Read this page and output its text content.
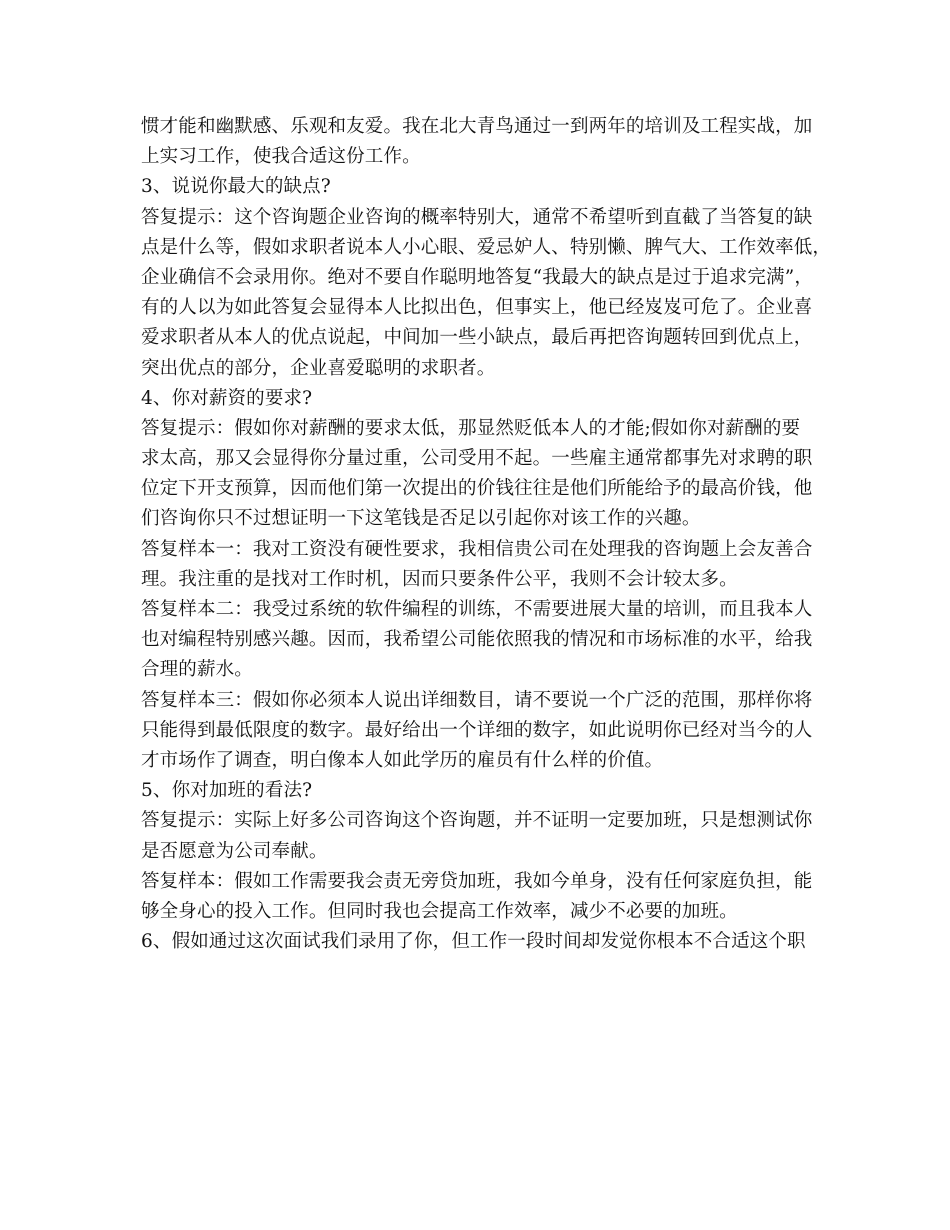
惯才能和幽默感、乐观和友爱。我在北大青鸟通过一到两年的培训及工程实战，加
上实习工作，使我合适这份工作。
3、说说你最大的缺点?
答复提示：这个咨询题企业咨询的概率特别大，通常不希望听到直截了当答复的缺
点是什么等，假如求职者说本人小心眼、爱忌妒人、特别懒、脾气大、工作效率低，
企业确信不会录用你。绝对不要自作聪明地答复“我最大的缺点是过于追求完满”，
有的人以为如此答复会显得本人比拟出色，但事实上，他已经岌岌可危了。企业喜
爱求职者从本人的优点说起，中间加一些小缺点，最后再把咨询题转回到优点上，
突出优点的部分，企业喜爱聪明的求职者。
4、你对薪资的要求?
答复提示：假如你对薪酬的要求太低，那显然贬低本人的才能;假如你对薪酬的要
求太高，那又会显得你分量过重，公司受用不起。一些雇主通常都事先对求聘的职
位定下开支预算，因而他们第一次提出的价钱往往是他们所能给予的最高价钱，他
们咨询你只不过想证明一下这笔钱是否足以引起你对该工作的兴趣。
答复样本一：我对工资没有硬性要求，我相信贵公司在处理我的咨询题上会友善合
理。我注重的是找对工作时机，因而只要条件公平，我则不会计较太多。
答复样本二：我受过系统的软件编程的训练，不需要进展大量的培训，而且我本人
也对编程特别感兴趣。因而，我希望公司能依照我的情况和市场标准的水平，给我
合理的薪水。
答复样本三：假如你必须本人说出详细数目，请不要说一个广泛的范围，那样你将
只能得到最低限度的数字。最好给出一个详细的数字，如此说明你已经对当今的人
才市场作了调查，明白像本人如此学历的雇员有什么样的价值。
5、你对加班的看法?
答复提示：实际上好多公司咨询这个咨询题，并不证明一定要加班，只是想测试你
是否愿意为公司奉献。
答复样本：假如工作需要我会责无旁贷加班，我如今单身，没有任何家庭负担，能
够全身心的投入工作。但同时我也会提高工作效率，减少不必要的加班。
6、假如通过这次面试我们录用了你，但工作一段时间却发觉你根本不合适这个职
